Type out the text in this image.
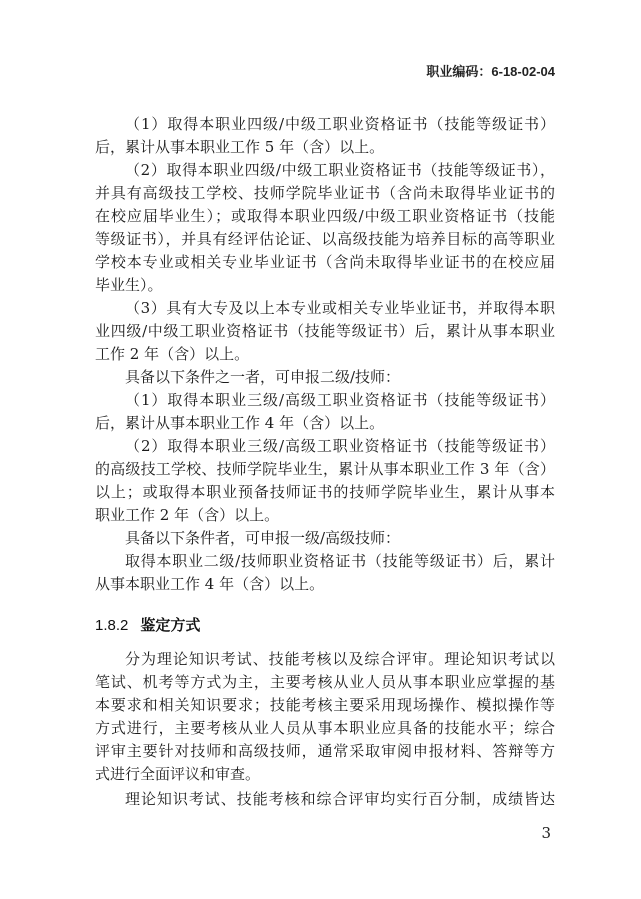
职业编码：6-18-02-04
（1）取得本职业四级/中级工职业资格证书（技能等级证书）
后，累计从事本职业工作 5 年（含）以上。
（2）取得本职业四级/中级工职业资格证书（技能等级证书），
并具有高级技工学校、技师学院毕业证书（含尚未取得毕业证书的
在校应届毕业生）；或取得本职业四级/中级工职业资格证书（技能
等级证书），并具有经评估论证、以高级技能为培养目标的高等职业
学校本专业或相关专业毕业证书（含尚未取得毕业证书的在校应届
毕业生）。
（3）具有大专及以上本专业或相关专业毕业证书，并取得本职
业四级/中级工职业资格证书（技能等级证书）后，累计从事本职业
工作 2 年（含）以上。
具备以下条件之一者，可申报二级/技师：
（1）取得本职业三级/高级工职业资格证书（技能等级证书）
后，累计从事本职业工作 4 年（含）以上。
（2）取得本职业三级/高级工职业资格证书（技能等级证书）
的高级技工学校、技师学院毕业生，累计从事本职业工作 3 年（含）
以上；或取得本职业预备技师证书的技师学院毕业生，累计从事本
职业工作 2 年（含）以上。
具备以下条件者，可申报一级/高级技师：
取得本职业二级/技师职业资格证书（技能等级证书）后，累计
从事本职业工作 4 年（含）以上。
1.8.2 鉴定方式
分为理论知识考试、技能考核以及综合评审。理论知识考试以
笔试、机考等方式为主，主要考核从业人员从事本职业应掌握的基
本要求和相关知识要求；技能考核主要采用现场操作、模拟操作等
方式进行，主要考核从业人员从事本职业应具备的技能水平；综合
评审主要针对技师和高级技师，通常采取审阅申报材料、答辩等方
式进行全面评议和审查。
理论知识考试、技能考核和综合评审均实行百分制，成绩皆达
3
